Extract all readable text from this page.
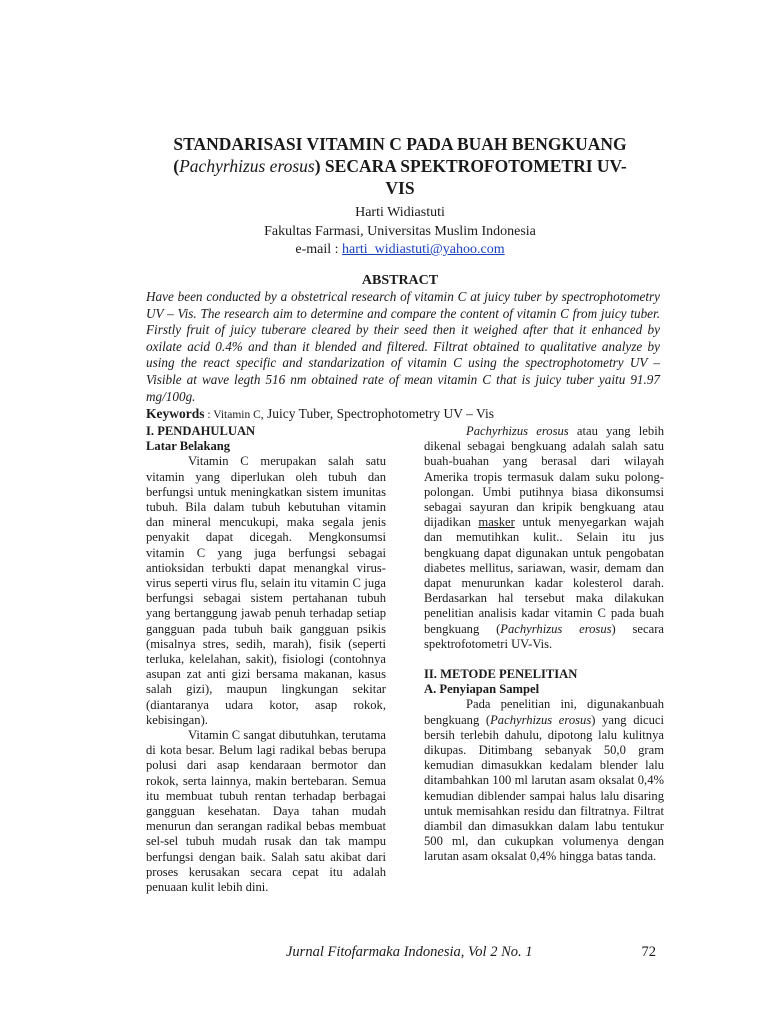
STANDARISASI VITAMIN C PADA BUAH BENGKUANG
(Pachyrhizus erosus) SECARA SPEKTROFOTOMETRI UV-
VIS
Harti Widiastuti
Fakultas Farmasi, Universitas Muslim Indonesia
e-mail : harti_widiastuti@yahoo.com
ABSTRACT
Have been conducted by a obstetrical research of vitamin C at juicy tuber by spectrophotometry UV – Vis. The research aim to determine and compare the content of vitamin C from juicy tuber. Firstly fruit of juicy tuberare cleared by their seed then it weighed after that it enhanced by oxilate acid 0.4% and than it blended and filtered. Filtrat obtained to qualitative analyze by using the react specific and standarization of vitamin C using the spectrophotometry UV – Visible at wave legth 516 nm obtained rate of mean vitamin C that is juicy tuber yaitu 91.97 mg/100g.
Keywords : Vitamin C, Juicy Tuber, Spectrophotometry UV – Vis

I. PENDAHULUAN

Latar Belakang

Vitamin C merupakan salah satu vitamin yang diperlukan oleh tubuh dan berfungsi untuk meningkatkan sistem imunitas tubuh. Bila dalam tubuh kebutuhan vitamin dan mineral mencukupi, maka segala jenis penyakit dapat dicegah. Mengkonsumsi vitamin C yang juga berfungsi sebagai antioksidan terbukti dapat menangkal virus-virus seperti virus flu, selain itu vitamin C juga berfungsi sebagai sistem pertahanan tubuh yang bertanggung jawab penuh terhadap setiap gangguan pada tubuh baik gangguan psikis (misalnya stres, sedih, marah), fisik (seperti terluka, kelelahan, sakit), fisiologi (contohnya asupan zat anti gizi bersama makanan, kasus salah gizi), maupun lingkungan sekitar (diantaranya udara kotor, asap rokok, kebisingan).

Vitamin C sangat dibutuhkan, terutama di kota besar. Belum lagi radikal bebas berupa polusi dari asap kendaraan bermotor dan rokok, serta lainnya, makin bertebaran. Semua itu membuat tubuh rentan terhadap berbagai gangguan kesehatan. Daya tahan mudah menurun dan serangan radikal bebas membuat sel-sel tubuh mudah rusak dan tak mampu berfungsi dengan baik. Salah satu akibat dari proses kerusakan secara cepat itu adalah penuaan kulit lebih dini.

Pachyrhizus erosus atau yang lebih dikenal sebagai bengkuang adalah salah satu buah-buahan yang berasal dari wilayah Amerika tropis termasuk dalam suku polong-polongan. Umbi putihnya biasa dikonsumsi sebagai sayuran dan kripik bengkuang atau dijadikan masker untuk menyegarkan wajah dan memutihkan kulit.. Selain itu jus bengkuang dapat digunakan untuk pengobatan diabetes mellitus, sariawan, wasir, demam dan dapat menurunkan kadar kolesterol darah. Berdasarkan hal tersebut maka dilakukan penelitian analisis kadar vitamin C pada buah bengkuang (Pachyrhizus erosus) secara spektrofotometri UV-Vis.

II. METODE PENELITIAN

A. Penyiapan Sampel

Pada penelitian ini, digunakanbuah bengkuang (Pachyrhizus erosus) yang dicuci bersih terlebih dahulu, dipotong lalu kulitnya dikupas. Ditimbang sebanyak 50,0 gram kemudian dimasukkan kedalam blender lalu ditambahkan 100 ml larutan asam oksalat 0,4% kemudian diblender sampai halus lalu disaring untuk memisahkan residu dan filtratnya. Filtrat diambil dan dimasukkan dalam labu tentukur 500 ml, dan cukupkan volumenya dengan larutan asam oksalat 0,4% hingga batas tanda.

Jurnal Fitofarmaka Indonesia, Vol 2 No. 1	72
